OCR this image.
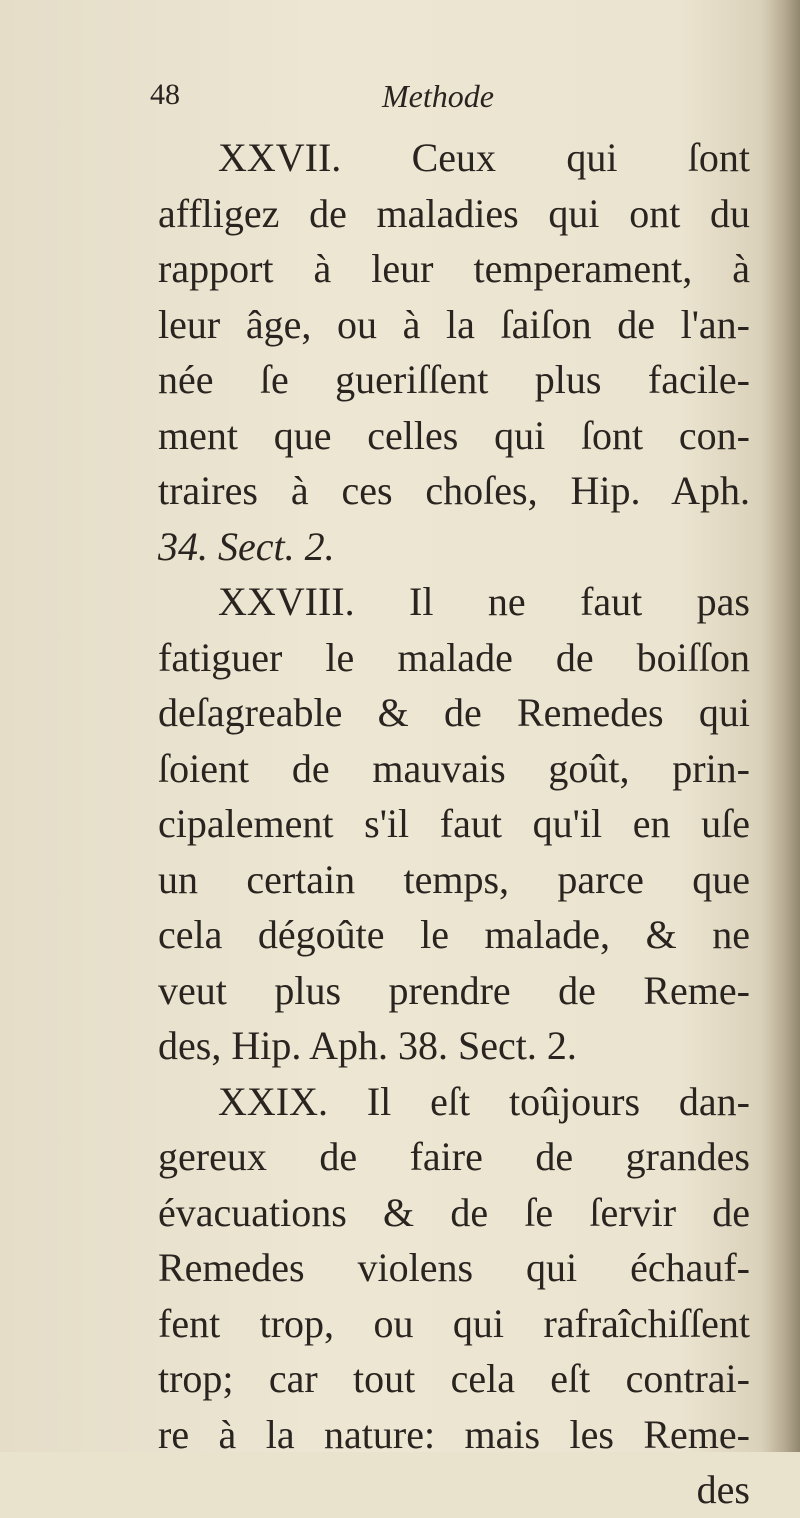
48	Methode
XXVII. Ceux qui ſont
affligez de maladies qui ont du
rapport à leur temperament, à
leur âge, ou à la ſaiſon de l'an-
née ſe gueriſſent plus facile-
ment que celles qui ſont con-
traires à ces choſes, Hip. Aph.
34. Sect. 2.
XXVIII. Il ne faut pas
fatiguer le malade de boiſſon
deſagreable & de Remedes qui
ſoient de mauvais goût, prin-
cipalement s'il faut qu'il en uſe
un certain temps, parce que
cela dégoûte le malade, & ne
veut plus prendre de Reme-
des, Hip. Aph. 38. Sect. 2.
XXIX. Il eſt toûjours dan-
gereux de faire de grandes
évacuations & de ſe ſervir de
Remedes violens qui échauf-
fent trop, ou qui rafraîchiſſent
trop; car tout cela eſt contrai-
re à la nature: mais les Reme-
des
